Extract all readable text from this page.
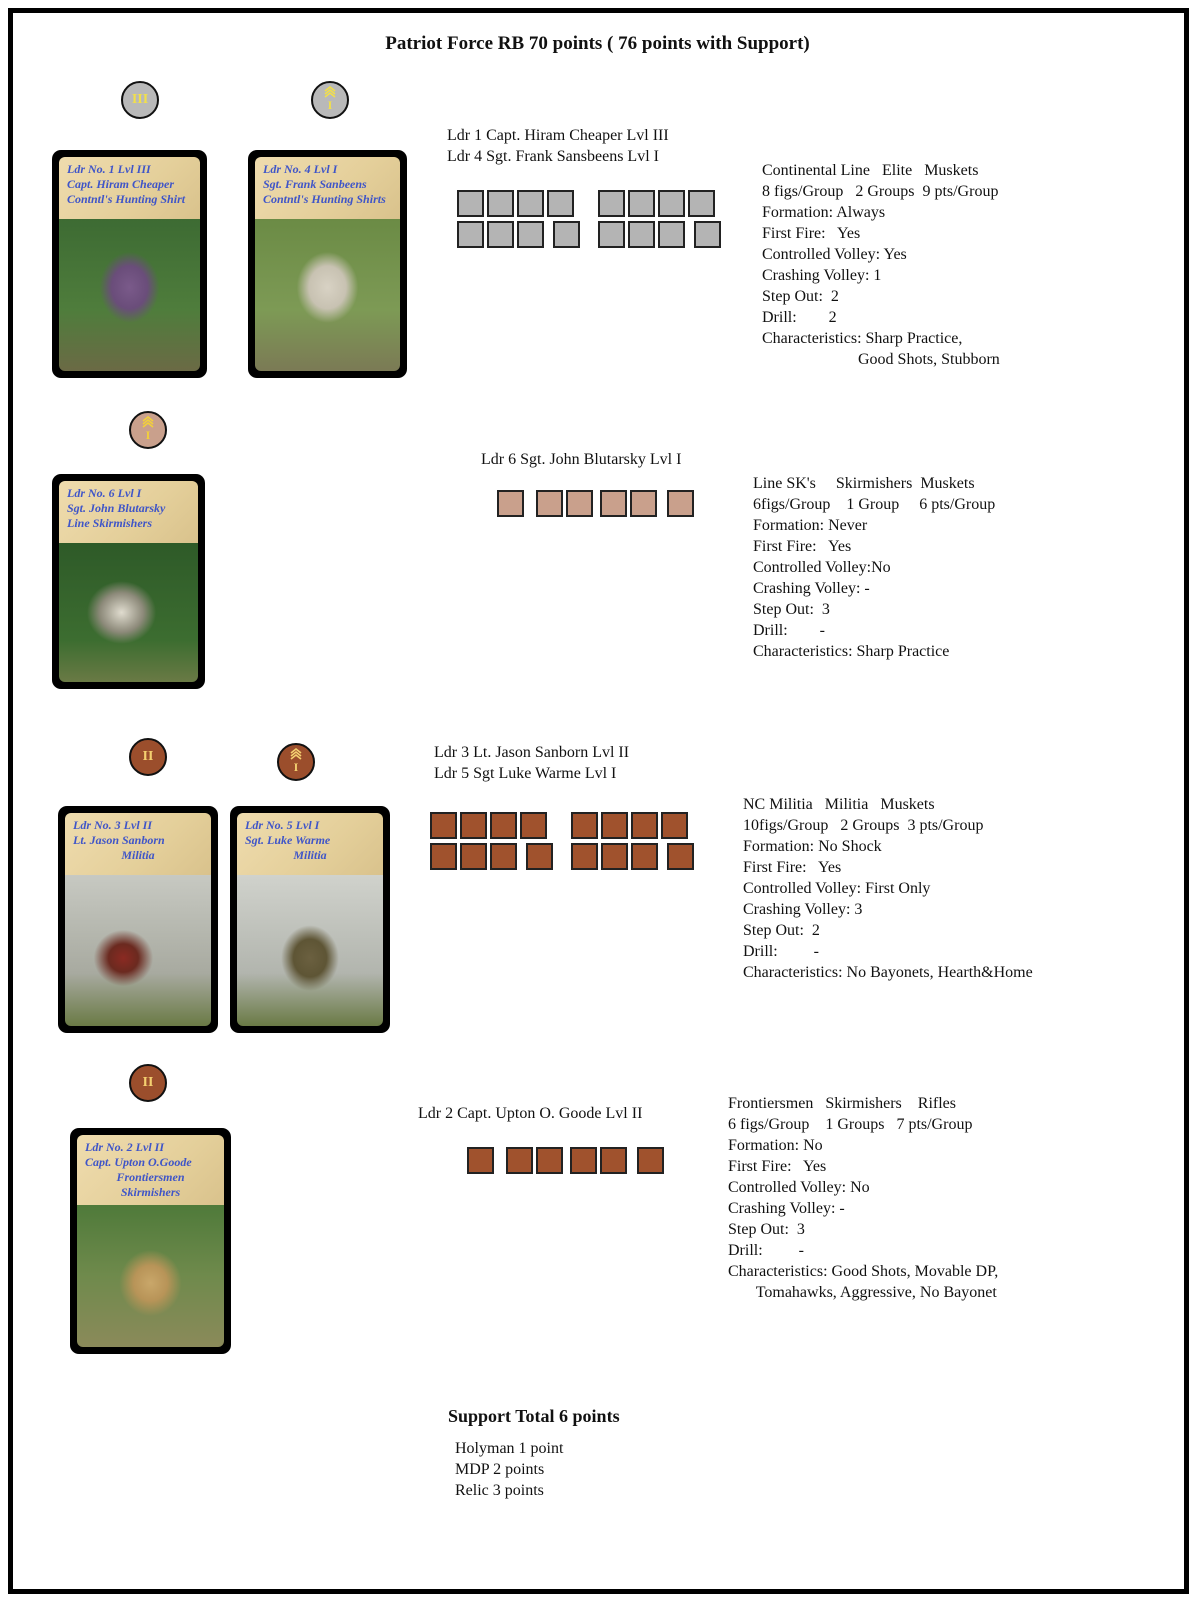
Patriot Force RB 70 points ( 76 points with Support)
III	I
Ldr No. 1 Lvl III
Capt. Hiram Cheaper
Contntl's Hunting Shirt
Ldr No. 4 Lvl I
Sgt. Frank Sanbeens
Contntl's Hunting Shirts
Ldr 1 Capt. Hiram Cheaper Lvl III
Ldr 4 Sgt. Frank Sansbeens Lvl I
Continental Line   Elite   Muskets
8 figs/Group   2 Groups  9 pts/Group
Formation: Always
First Fire:   Yes
Controlled Volley: Yes
Crashing Volley: 1
Step Out:  2
Drill:        2
Characteristics: Sharp Practice,
Good Shots, Stubborn
I
Ldr No. 6 Lvl I
Sgt. John Blutarsky
Line Skirmishers
Ldr 6 Sgt. John Blutarsky Lvl I
Line SK's     Skirmishers  Muskets
6figs/Group    1 Group     6 pts/Group
Formation: Never
First Fire:   Yes
Controlled Volley:No
Crashing Volley: -
Step Out:  3
Drill:        -
Characteristics: Sharp Practice
II
I
Ldr No. 3 Lvl II
Lt. Jason Sanborn
Militia
Ldr No. 5 Lvl I
Sgt. Luke Warme
Militia
Ldr 3 Lt. Jason Sanborn Lvl II
Ldr 5 Sgt Luke Warme Lvl I
NC Militia   Militia   Muskets
10figs/Group   2 Groups  3 pts/Group
Formation: No Shock
First Fire:   Yes
Controlled Volley: First Only
Crashing Volley: 3
Step Out:  2
Drill:         -
Characteristics: No Bayonets, Hearth&Home
II
Ldr No. 2 Lvl II
Capt. Upton O.Goode
Frontiersmen
Skirmishers
Ldr 2 Capt. Upton O. Goode Lvl II
Frontiersmen   Skirmishers    Rifles
6 figs/Group    1 Groups   7 pts/Group
Formation: No
First Fire:   Yes
Controlled Volley: No
Crashing Volley: -
Step Out:  3
Drill:         -
Characteristics: Good Shots, Movable DP,
Tomahawks, Aggressive, No Bayonet
Support Total 6 points
Holyman 1 point
MDP 2 points
Relic 3 points
